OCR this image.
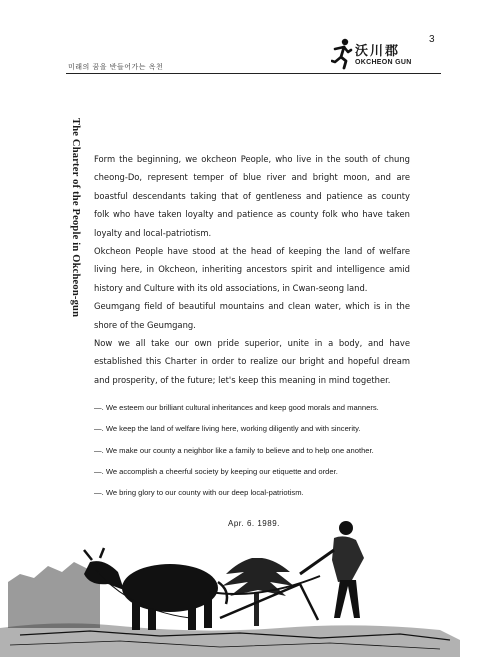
3
미래의 꿈을 반들어가는 옥천
沃川郡
OKCHEON GUN
The Charter of the People in Okcheon-gun Form the beginning, we okcheon People, who live in the south of chung cheong-Do, represent temper of blue river and bright moon, and are boastful descendants taking that of gentleness and patience as county folk who have taken loyalty and patience as county folk who have taken loyalty and local-patriotism.

Okcheon People have stood at the head of keeping the land of welfare living here, in Okcheon, inheriting ancestors spirit and intelligence amid history and Culture with its old associations, in Cwan-seong land.

Geumgang field of beautiful mountains and clean water, which is in the shore of the Geumgang.

Now we all take our own pride superior, unite in a body, and have established this Charter in order to realize our bright and hopeful dream and prosperity, of the future; let's keep this meaning in mind together.

—. We esteem our brilliant cultural inheritances and keep good morals and manners.
—. We keep the land of welfare living here, working diligently and with sincerity.
—. We make our county a neighbor like a family to believe and to help one another.
—. We accomplish a cheerful society by keeping our etiquette and order.
—. We bring glory to our county with our deep local-patriotism.
Apr. 6. 1989.
